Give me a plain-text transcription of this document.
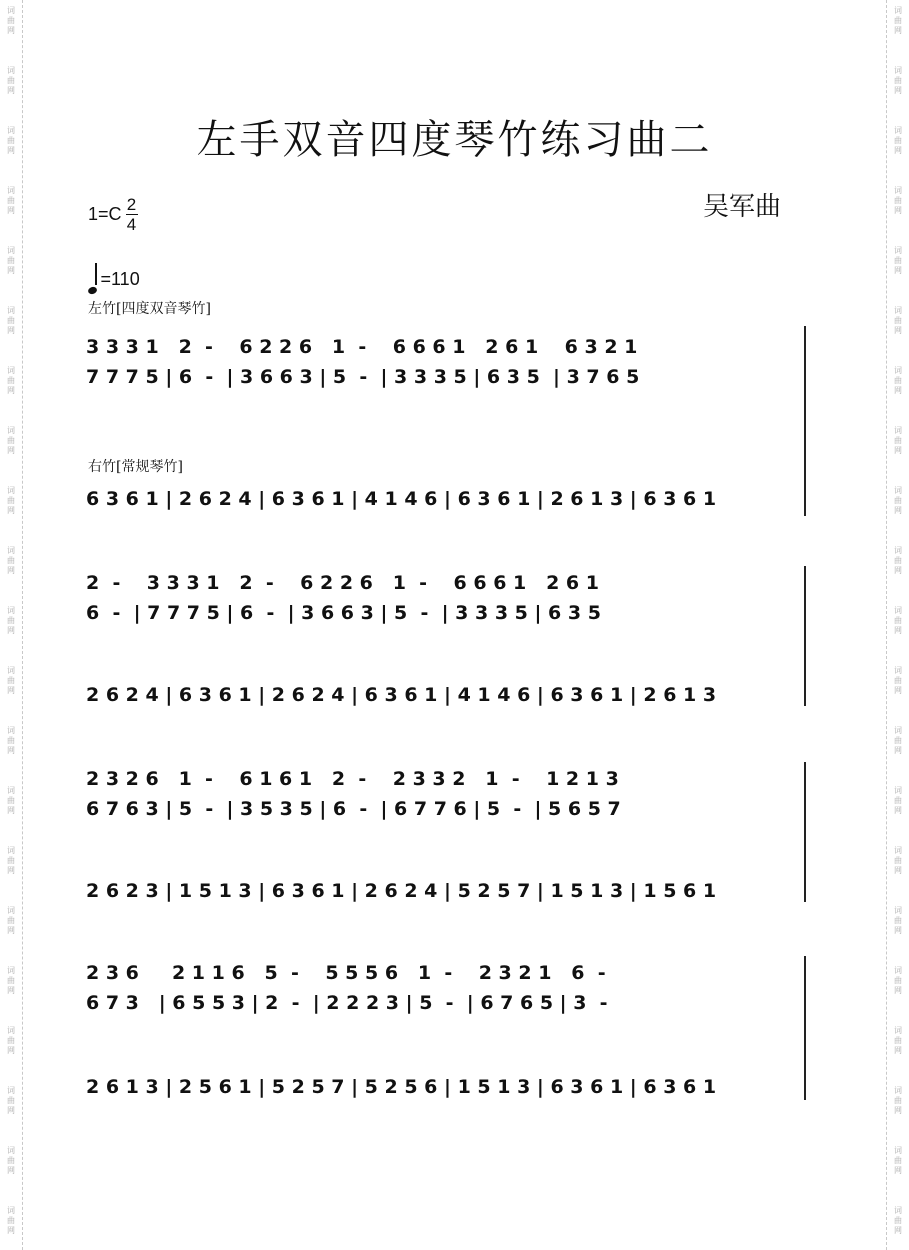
词
曲
网
词
曲
网
词
曲
网
词
曲
网
词
曲
网
词
曲
网
词
曲
网
词
曲
网
词
曲
网
词
曲
网
词
曲
网
词
曲
网
词
曲
网
词
曲
网
词
曲
网
词
曲
网
词
曲
网
词
曲
网
词
曲
网
词
曲
网
词
曲
网
词
曲
网
词
曲
网
词
曲
网
词
曲
网
词
曲
网
词
曲
网
词
曲
网
词
曲
网
词
曲
网
词
曲
网
词
曲
网
词
曲
网
词
曲
网
词
曲
网
词
曲
网
词
曲
网
词
曲
网
词
曲
网
词
曲
网
词
曲
网
词
曲
网
左手双音四度琴竹练习曲二
$1=C \frac{2}{4}$	吴军曲
=110
左竹[四度双音琴竹]
右竹[常规琴竹]
3 3 3 1   2  -    6 2 2 6   1  -    6 6 6 1   2 6 1    6 3 2 1
7 7 7 5 | 6  -  | 3 6 6 3 | 5  -  | 3 3 3 5 | 6 3 5  | 3 7 6 5
6 3 6 1 | 2 6 2 4 | 6 3 6 1 | 4 1 4 6 | 6 3 6 1 | 2 6 1 3 | 6 3 6 1
2  -    3 3 3 1   2  -    6 2 2 6   1  -    6 6 6 1   2 6 1
6  -  | 7 7 7 5 | 6  -  | 3 6 6 3 | 5  -  | 3 3 3 5 | 6 3 5
2 6 2 4 | 6 3 6 1 | 2 6 2 4 | 6 3 6 1 | 4 1 4 6 | 6 3 6 1 | 2 6 1 3
2 3 2 6   1  -    6 1 6 1   2  -    2 3 3 2   1  -    1 2 1 3
6 7 6 3 | 5  -  | 3 5 3 5 | 6  -  | 6 7 7 6 | 5  -  | 5 6 5 7
2 6 2 3 | 1 5 1 3 | 6 3 6 1 | 2 6 2 4 | 5 2 5 7 | 1 5 1 3 | 1 5 6 1
2 3 6     2 1 1 6   5  -    5 5 5 6   1  -    2 3 2 1   6  -
6 7 3   | 6 5 5 3 | 2  -  | 2 2 2 3 | 5  -  | 6 7 6 5 | 3  -
2 6 1 3 | 2 5 6 1 | 5 2 5 7 | 5 2 5 6 | 1 5 1 3 | 6 3 6 1 | 6 3 6 1
